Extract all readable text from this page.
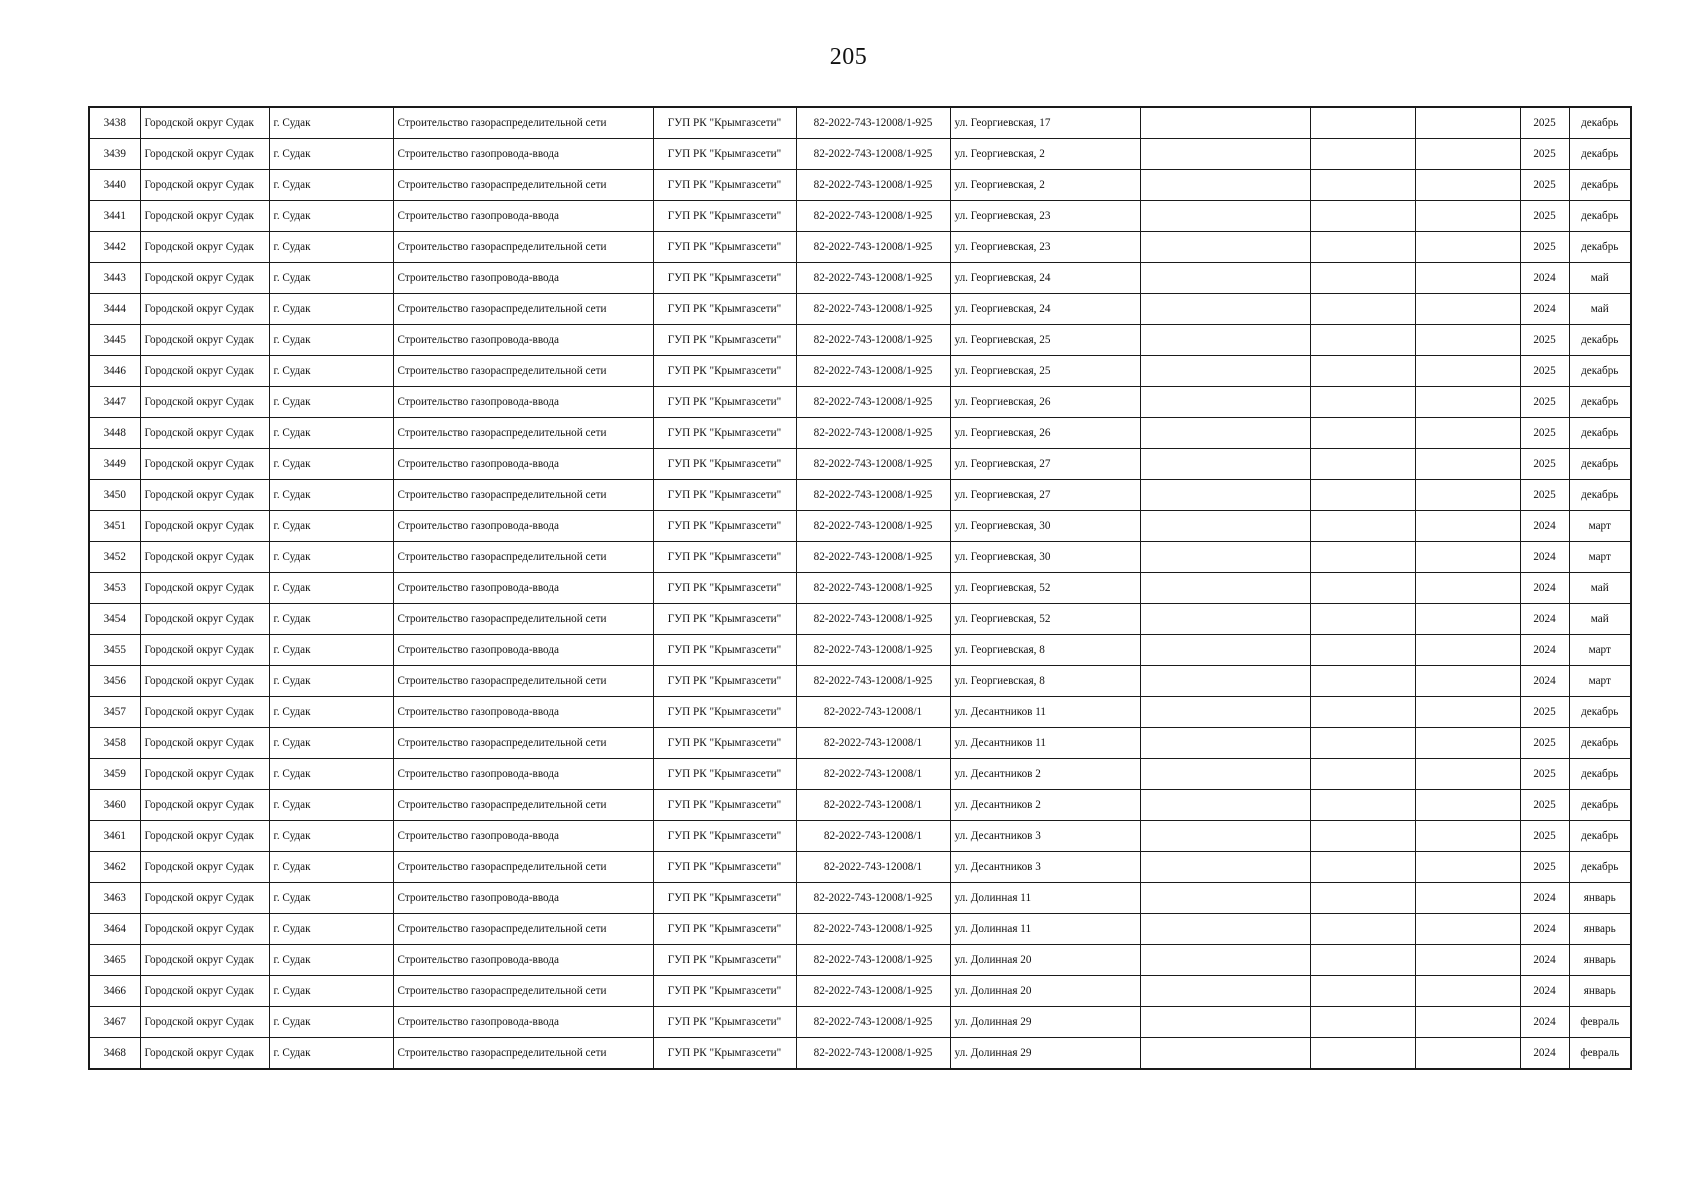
205
3438	Городской округ Судак	г. Судак	Строительство газораспределительной сети	ГУП РК "Крымгазсети"	82-2022-743-12008/1-925	ул. Георгиевская, 17				2025	декабрь
3439	Городской округ Судак	г. Судак	Строительство газопровода-ввода	ГУП РК "Крымгазсети"	82-2022-743-12008/1-925	ул. Георгиевская, 2				2025	декабрь
3440	Городской округ Судак	г. Судак	Строительство газораспределительной сети	ГУП РК "Крымгазсети"	82-2022-743-12008/1-925	ул. Георгиевская, 2				2025	декабрь
3441	Городской округ Судак	г. Судак	Строительство газопровода-ввода	ГУП РК "Крымгазсети"	82-2022-743-12008/1-925	ул. Георгиевская, 23				2025	декабрь
3442	Городской округ Судак	г. Судак	Строительство газораспределительной сети	ГУП РК "Крымгазсети"	82-2022-743-12008/1-925	ул. Георгиевская, 23				2025	декабрь
3443	Городской округ Судак	г. Судак	Строительство газопровода-ввода	ГУП РК "Крымгазсети"	82-2022-743-12008/1-925	ул. Георгиевская, 24				2024	май
3444	Городской округ Судак	г. Судак	Строительство газораспределительной сети	ГУП РК "Крымгазсети"	82-2022-743-12008/1-925	ул. Георгиевская, 24				2024	май
3445	Городской округ Судак	г. Судак	Строительство газопровода-ввода	ГУП РК "Крымгазсети"	82-2022-743-12008/1-925	ул. Георгиевская, 25				2025	декабрь
3446	Городской округ Судак	г. Судак	Строительство газораспределительной сети	ГУП РК "Крымгазсети"	82-2022-743-12008/1-925	ул. Георгиевская, 25				2025	декабрь
3447	Городской округ Судак	г. Судак	Строительство газопровода-ввода	ГУП РК "Крымгазсети"	82-2022-743-12008/1-925	ул. Георгиевская, 26				2025	декабрь
3448	Городской округ Судак	г. Судак	Строительство газораспределительной сети	ГУП РК "Крымгазсети"	82-2022-743-12008/1-925	ул. Георгиевская, 26				2025	декабрь
3449	Городской округ Судак	г. Судак	Строительство газопровода-ввода	ГУП РК "Крымгазсети"	82-2022-743-12008/1-925	ул. Георгиевская, 27				2025	декабрь
3450	Городской округ Судак	г. Судак	Строительство газораспределительной сети	ГУП РК "Крымгазсети"	82-2022-743-12008/1-925	ул. Георгиевская, 27				2025	декабрь
3451	Городской округ Судак	г. Судак	Строительство газопровода-ввода	ГУП РК "Крымгазсети"	82-2022-743-12008/1-925	ул. Георгиевская, 30				2024	март
3452	Городской округ Судак	г. Судак	Строительство газораспределительной сети	ГУП РК "Крымгазсети"	82-2022-743-12008/1-925	ул. Георгиевская, 30				2024	март
3453	Городской округ Судак	г. Судак	Строительство газопровода-ввода	ГУП РК "Крымгазсети"	82-2022-743-12008/1-925	ул. Георгиевская, 52				2024	май
3454	Городской округ Судак	г. Судак	Строительство газораспределительной сети	ГУП РК "Крымгазсети"	82-2022-743-12008/1-925	ул. Георгиевская, 52				2024	май
3455	Городской округ Судак	г. Судак	Строительство газопровода-ввода	ГУП РК "Крымгазсети"	82-2022-743-12008/1-925	ул. Георгиевская, 8				2024	март
3456	Городской округ Судак	г. Судак	Строительство газораспределительной сети	ГУП РК "Крымгазсети"	82-2022-743-12008/1-925	ул. Георгиевская, 8				2024	март
3457	Городской округ Судак	г. Судак	Строительство газопровода-ввода	ГУП РК "Крымгазсети"	82-2022-743-12008/1	ул. Десантников 11				2025	декабрь
3458	Городской округ Судак	г. Судак	Строительство газораспределительной сети	ГУП РК "Крымгазсети"	82-2022-743-12008/1	ул. Десантников 11				2025	декабрь
3459	Городской округ Судак	г. Судак	Строительство газопровода-ввода	ГУП РК "Крымгазсети"	82-2022-743-12008/1	ул. Десантников 2				2025	декабрь
3460	Городской округ Судак	г. Судак	Строительство газораспределительной сети	ГУП РК "Крымгазсети"	82-2022-743-12008/1	ул. Десантников 2				2025	декабрь
3461	Городской округ Судак	г. Судак	Строительство газопровода-ввода	ГУП РК "Крымгазсети"	82-2022-743-12008/1	ул. Десантников 3				2025	декабрь
3462	Городской округ Судак	г. Судак	Строительство газораспределительной сети	ГУП РК "Крымгазсети"	82-2022-743-12008/1	ул. Десантников 3				2025	декабрь
3463	Городской округ Судак	г. Судак	Строительство газопровода-ввода	ГУП РК "Крымгазсети"	82-2022-743-12008/1-925	ул. Долинная 11				2024	январь
3464	Городской округ Судак	г. Судак	Строительство газораспределительной сети	ГУП РК "Крымгазсети"	82-2022-743-12008/1-925	ул. Долинная 11				2024	январь
3465	Городской округ Судак	г. Судак	Строительство газопровода-ввода	ГУП РК "Крымгазсети"	82-2022-743-12008/1-925	ул. Долинная 20				2024	январь
3466	Городской округ Судак	г. Судак	Строительство газораспределительной сети	ГУП РК "Крымгазсети"	82-2022-743-12008/1-925	ул. Долинная 20				2024	январь
3467	Городской округ Судак	г. Судак	Строительство газопровода-ввода	ГУП РК "Крымгазсети"	82-2022-743-12008/1-925	ул. Долинная 29				2024	февраль
3468	Городской округ Судак	г. Судак	Строительство газораспределительной сети	ГУП РК "Крымгазсети"	82-2022-743-12008/1-925	ул. Долинная 29				2024	февраль
